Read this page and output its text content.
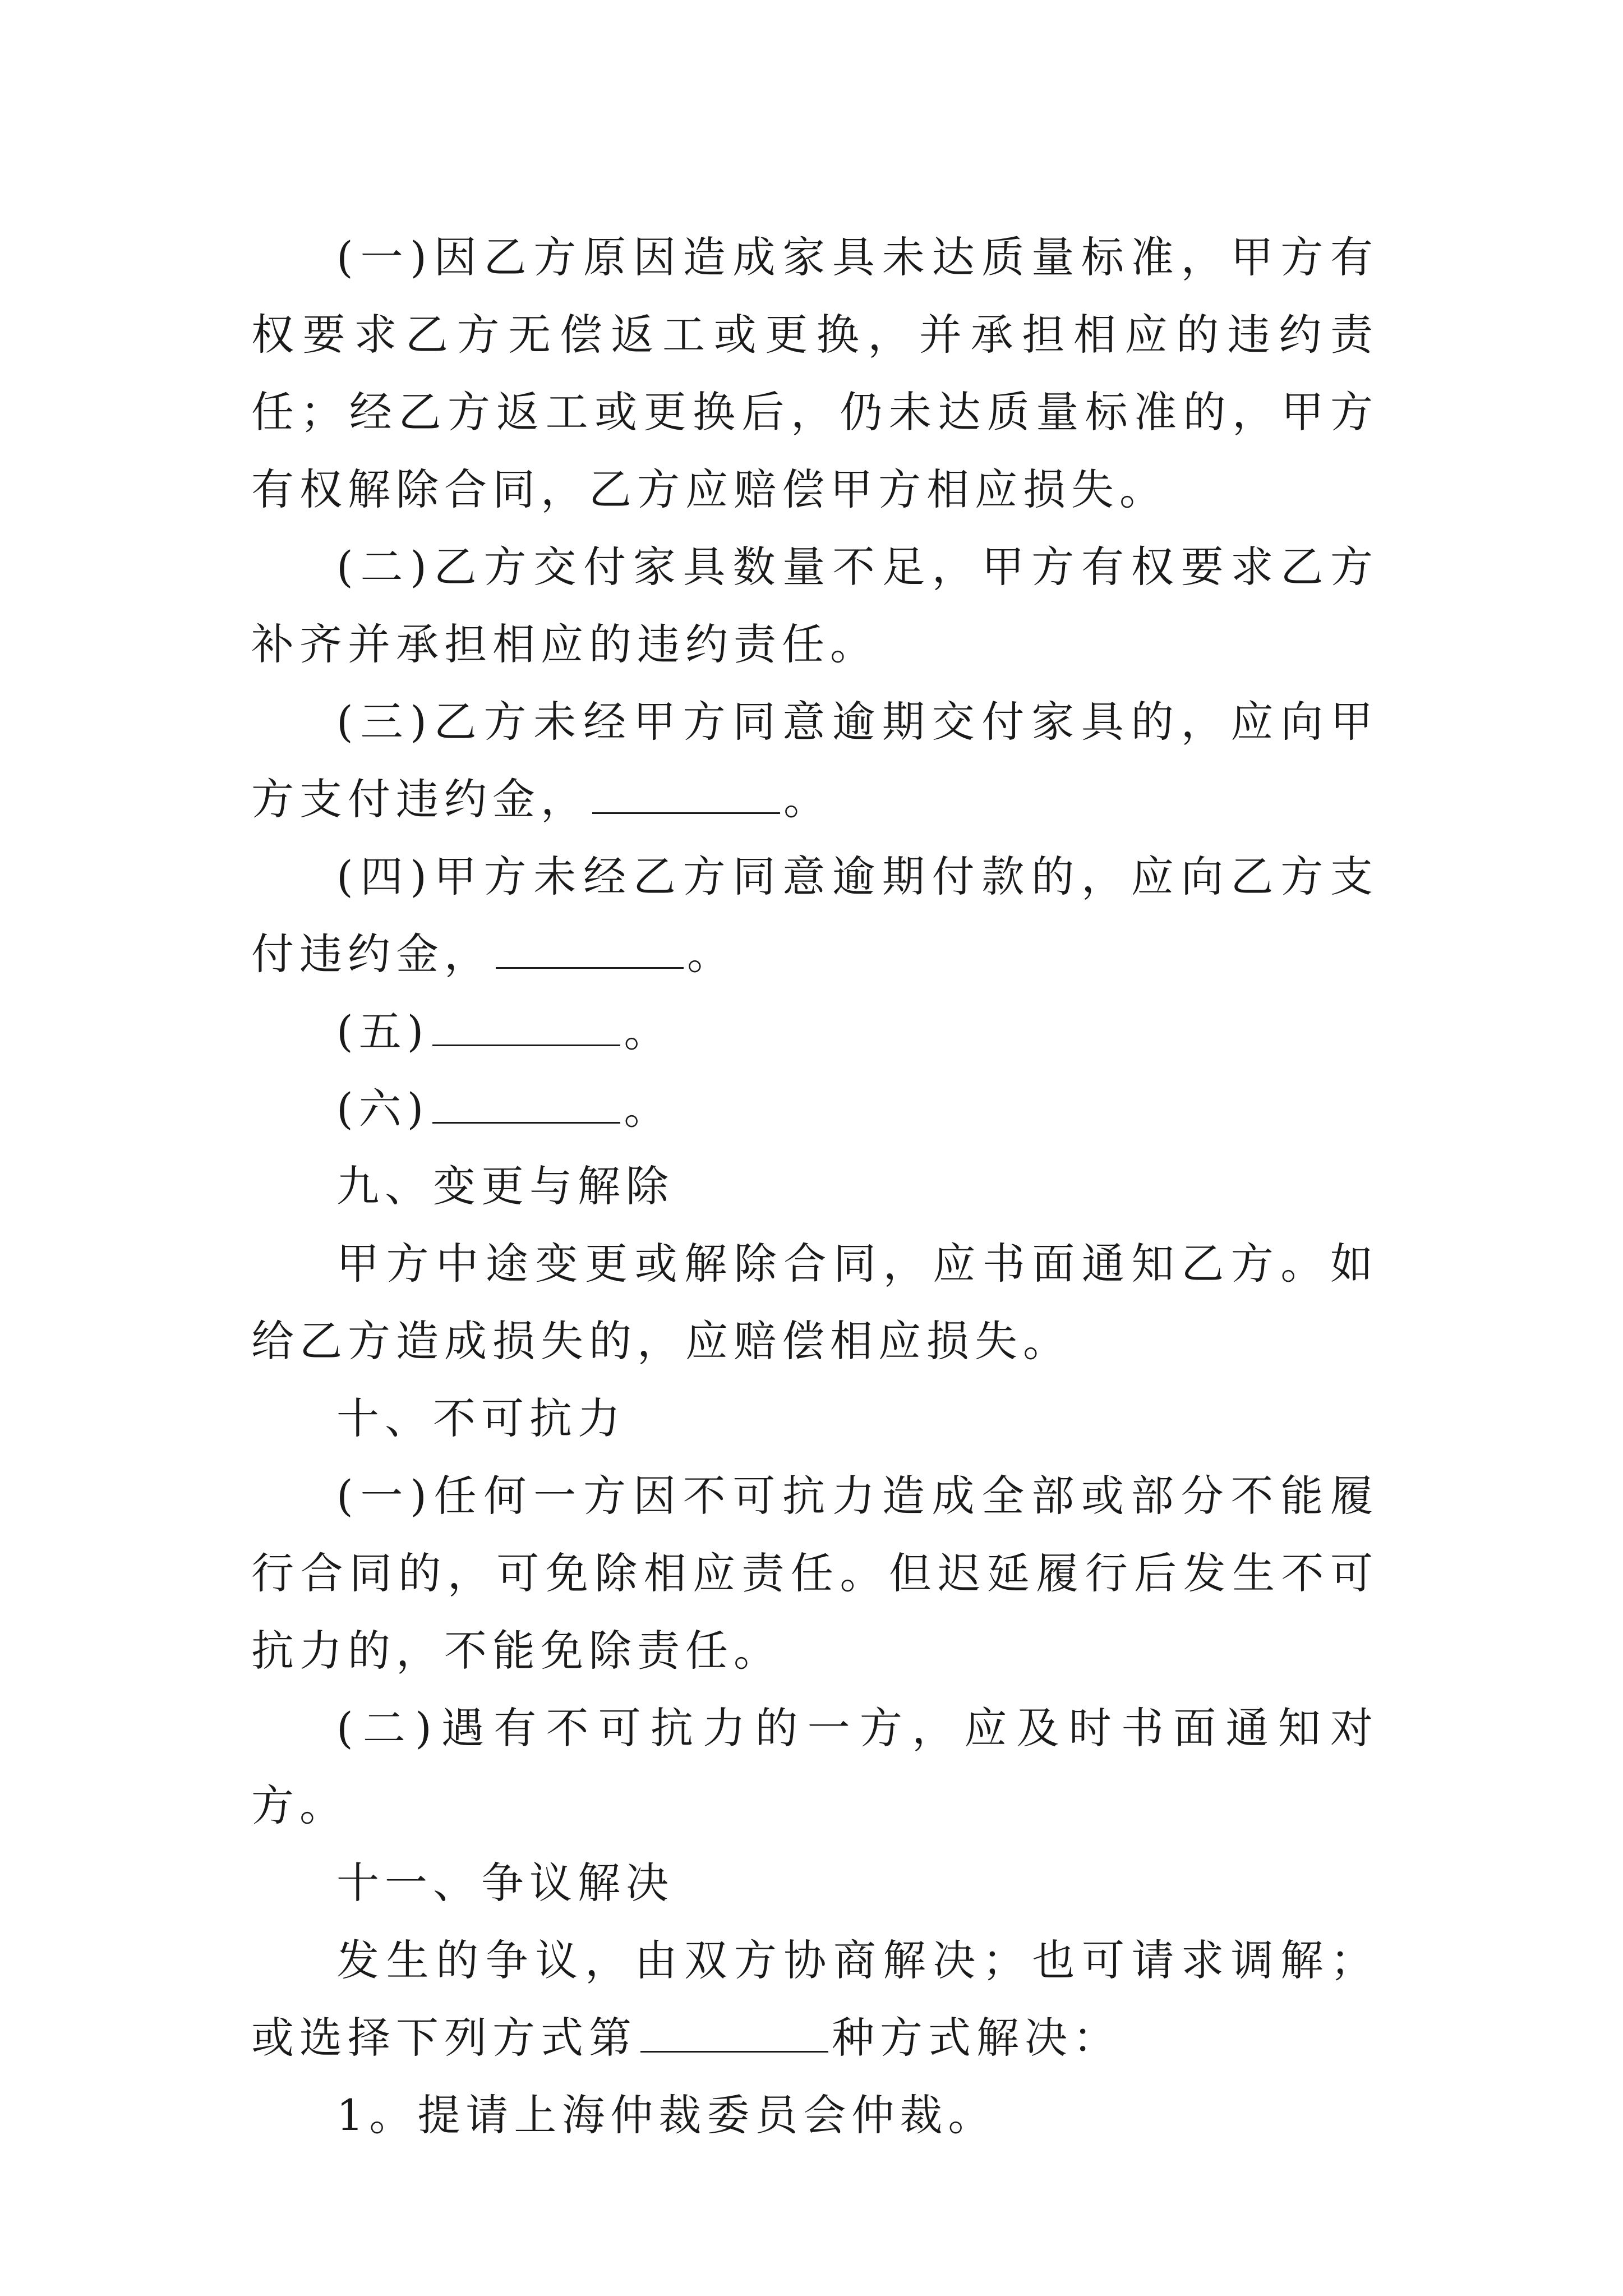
(一)因乙方原因造成家具未达质量标准，甲方有权要求乙方无偿返工或更换，并承担相应的违约责任；经乙方返工或更换后，仍未达质量标准的，甲方有权解除合同，乙方应赔偿甲方相应损失。

(二)乙方交付家具数量不足，甲方有权要求乙方补齐并承担相应的违约责任。

(三)乙方未经甲方同意逾期交付家具的，应向甲方支付违约金，	。

(四)甲方未经乙方同意逾期付款的，应向乙方支付违约金，	。

(五)	。

(六)	。

九、变更与解除

甲方中途变更或解除合同，应书面通知乙方。如给乙方造成损失的，应赔偿相应损失。

十、不可抗力

(一)任何一方因不可抗力造成全部或部分不能履行合同的，可免除相应责任。但迟延履行后发生不可抗力的，不能免除责任。

(二)遇有不可抗力的一方，应及时书面通知对方。

十一、争议解决

发生的争议，由双方协商解决；也可请求调解；或选择下列方式第	种方式解决：

1。提请上海仲裁委员会仲裁。
